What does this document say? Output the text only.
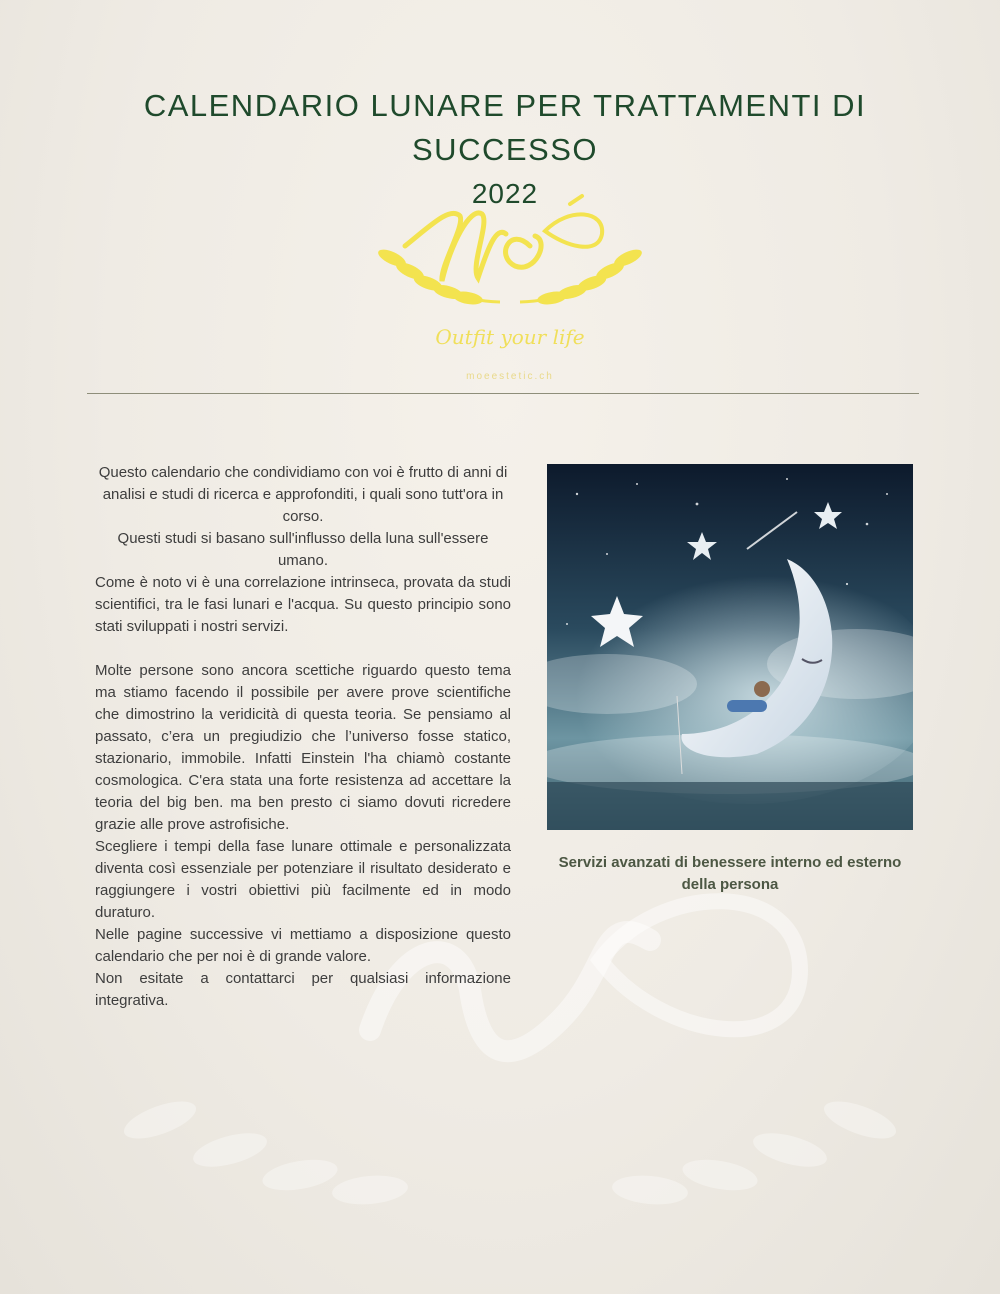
CALENDARIO LUNARE PER TRATTAMENTI DI SUCCESSO
2022
Outfit your life
moeestetic.ch

Questo calendario che condividiamo con voi è frutto di anni di analisi e studi di ricerca e approfonditi, i quali sono tutt'ora in corso.

Questi studi si basano sull'influsso della luna sull'essere umano.

Come è noto vi è una correlazione intrinseca, provata da studi scientifici, tra le fasi lunari e l'acqua. Su questo principio sono stati sviluppati i nostri servizi.

Molte persone sono ancora scettiche riguardo questo tema ma stiamo facendo il possibile per avere prove scientifiche che dimostrino la veridicità di questa teoria. Se pensiamo al passato, c’era un pregiudizio che l’universo fosse statico, stazionario, immobile. Infatti Einstein l'ha chiamò costante cosmologica. C'era stata una forte resistenza ad accettare la teoria del big ben. ma ben presto ci siamo dovuti ricredere grazie alle prove astrofisiche.

Scegliere i tempi della fase lunare ottimale e personalizzata diventa così essenziale per potenziare il risultato desiderato e raggiungere i vostri obiettivi più facilmente ed in modo duraturo.

Nelle pagine successive vi mettiamo a disposizione questo calendario che per noi è di grande valore.

Non esitate a contattarci per qualsiasi informazione integrativa.

Servizi avanzati di benessere interno ed esterno della persona
